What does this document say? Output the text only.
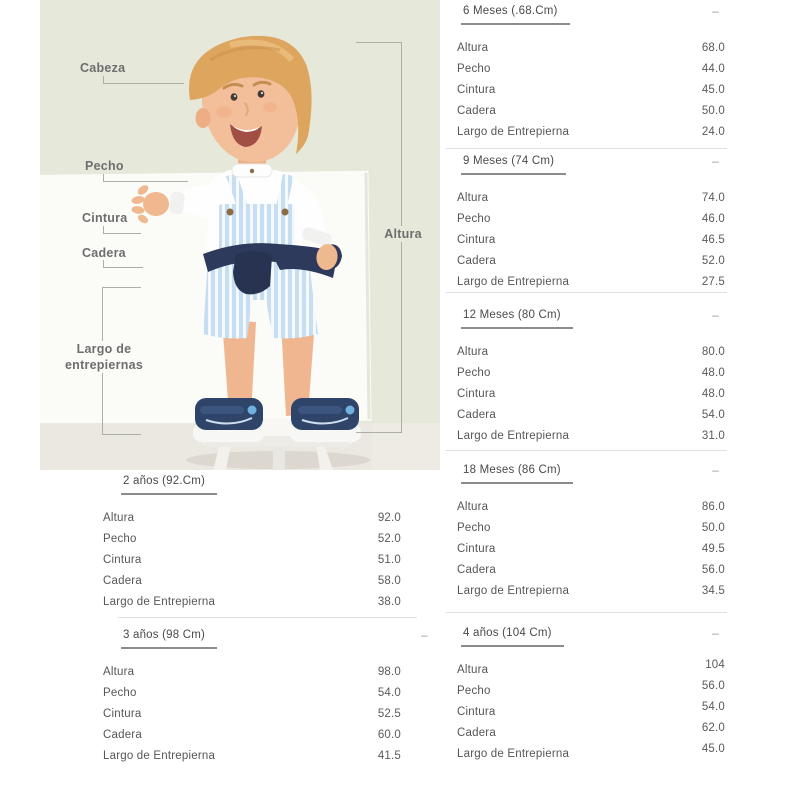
Cabeza
Pecho
Cintura
Cadera
Largo de
entrepiernas
Altura
2 años (92.Cm)
Altura	92.0
Pecho	52.0
Cintura	51.0
Cadera	58.0
Largo de Entrepierna	38.0
3 años (98 Cm)	–
Altura	98.0
Pecho	54.0
Cintura	52.5
Cadera	60.0
Largo de Entrepierna	41.5
6 Meses (.68.Cm)	–
Altura	68.0
Pecho	44.0
Cintura	45.0
Cadera	50.0
Largo de Entrepierna	24.0
9 Meses (74 Cm)	–
Altura	74.0
Pecho	46.0
Cintura	46.5
Cadera	52.0
Largo de Entrepierna	27.5
12 Meses (80 Cm)	–
Altura	80.0
Pecho	48.0
Cintura	48.0
Cadera	54.0
Largo de Entrepierna	31.0
18 Meses (86 Cm)	–
Altura	86.0
Pecho	50.0
Cintura	49.5
Cadera	56.0
Largo de Entrepierna	34.5
4 años (104 Cm)	–
Altura	104
Pecho	56.0
Cintura	54.0
Cadera	62.0
Largo de Entrepierna	45.0
